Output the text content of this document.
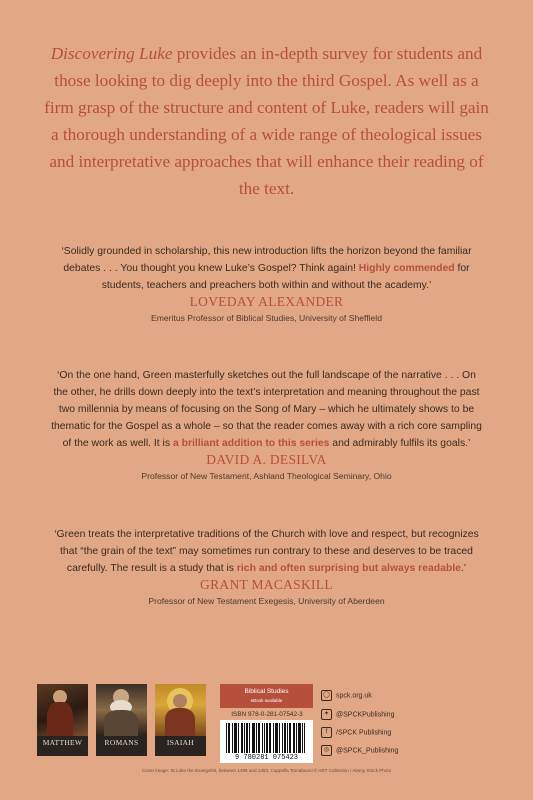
Discovering Luke provides an in-depth survey for students and those looking to dig deeply into the third Gospel. As well as a firm grasp of the structure and content of Luke, readers will gain a thorough understanding of a wide range of theological issues and interpretative approaches that will enhance their reading of the text.
‘Solidly grounded in scholarship, this new introduction lifts the horizon beyond the familiar debates . . . You thought you knew Luke’s Gospel? Think again! Highly commended for students, teachers and preachers both within and without the academy.’
LOVEDAY ALEXANDER
Emeritus Professor of Biblical Studies, University of Sheffield
‘On the one hand, Green masterfully sketches out the full landscape of the narrative . . . On the other, he drills down deeply into the text’s interpretation and meaning throughout the past two millennia by means of focusing on the Song of Mary – which he ultimately shows to be thematic for the Gospel as a whole – so that the reader comes away with a rich core sampling of the work as well. It is a brilliant addition to this series and admirably fulfils its goals.’
DAVID A. DESILVA
Professor of New Testament, Ashland Theological Seminary, Ohio
‘Green treats the interpretative traditions of the Church with love and respect, but recognizes that “the grain of the text” may sometimes run contrary to these and deserves to be traced carefully. The result is a study that is rich and often surprising but always readable.’
GRANT MACASKILL
Professor of New Testament Exegesis, University of Aberdeen
MATTHEW	ROMANS	ISAIAH
Biblical Studies
eBook available
ISBN 978-0-281-07542-3
9 780281 075423
◯ spck.org.uk
✦ @SPCKPublishing
f /SPCK Publishing
◎ @SPCK_Publishing
Cover image: St Luke the Evangelist, between 1486 and 1493, Cappella Tornabuoni © ART Collection / Alamy Stock Photo
